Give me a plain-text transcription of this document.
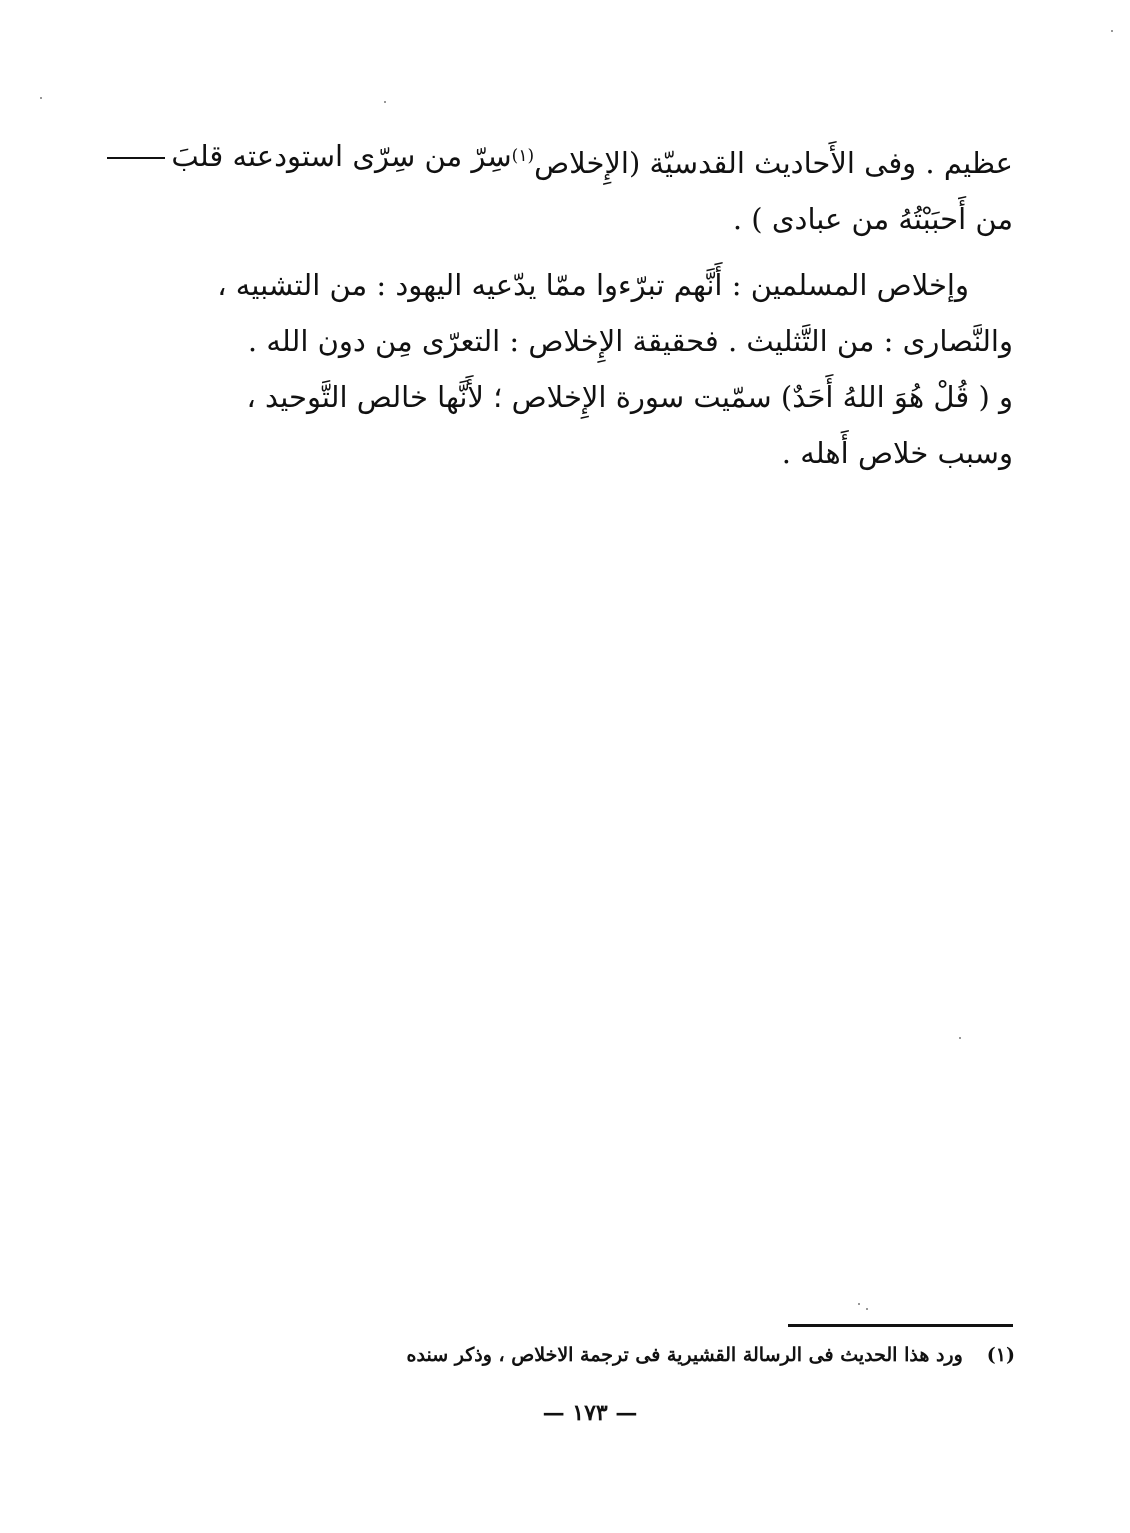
عظيم . وفى الأَحاديث القدسيّة (الإِخلاص$^{(١)}$
سِرّ من سِرّى استودعته قلبَ
من أَحبَبْتُهُ من عبادى ) .
وإخلاص المسلمين : أَنَّهم تبرّءوا ممّا يدّعيه اليهود : من التشبيه ،
والنَّصارى : من التَّثليث . فحقيقة الإِخلاص : التعرّى مِن دون الله .
و ( قُلْ هُوَ اللهُ أَحَدٌ) سمّيت سورة الإِخلاص ؛ لأَنَّها خالص التَّوحيد ،
وسبب خلاص أَهله .
(١)ورد هذا الحديث فى الرسالة القشيرية فى ترجمة الاخلاص ، وذكر سنده
— ١٧٣ —
